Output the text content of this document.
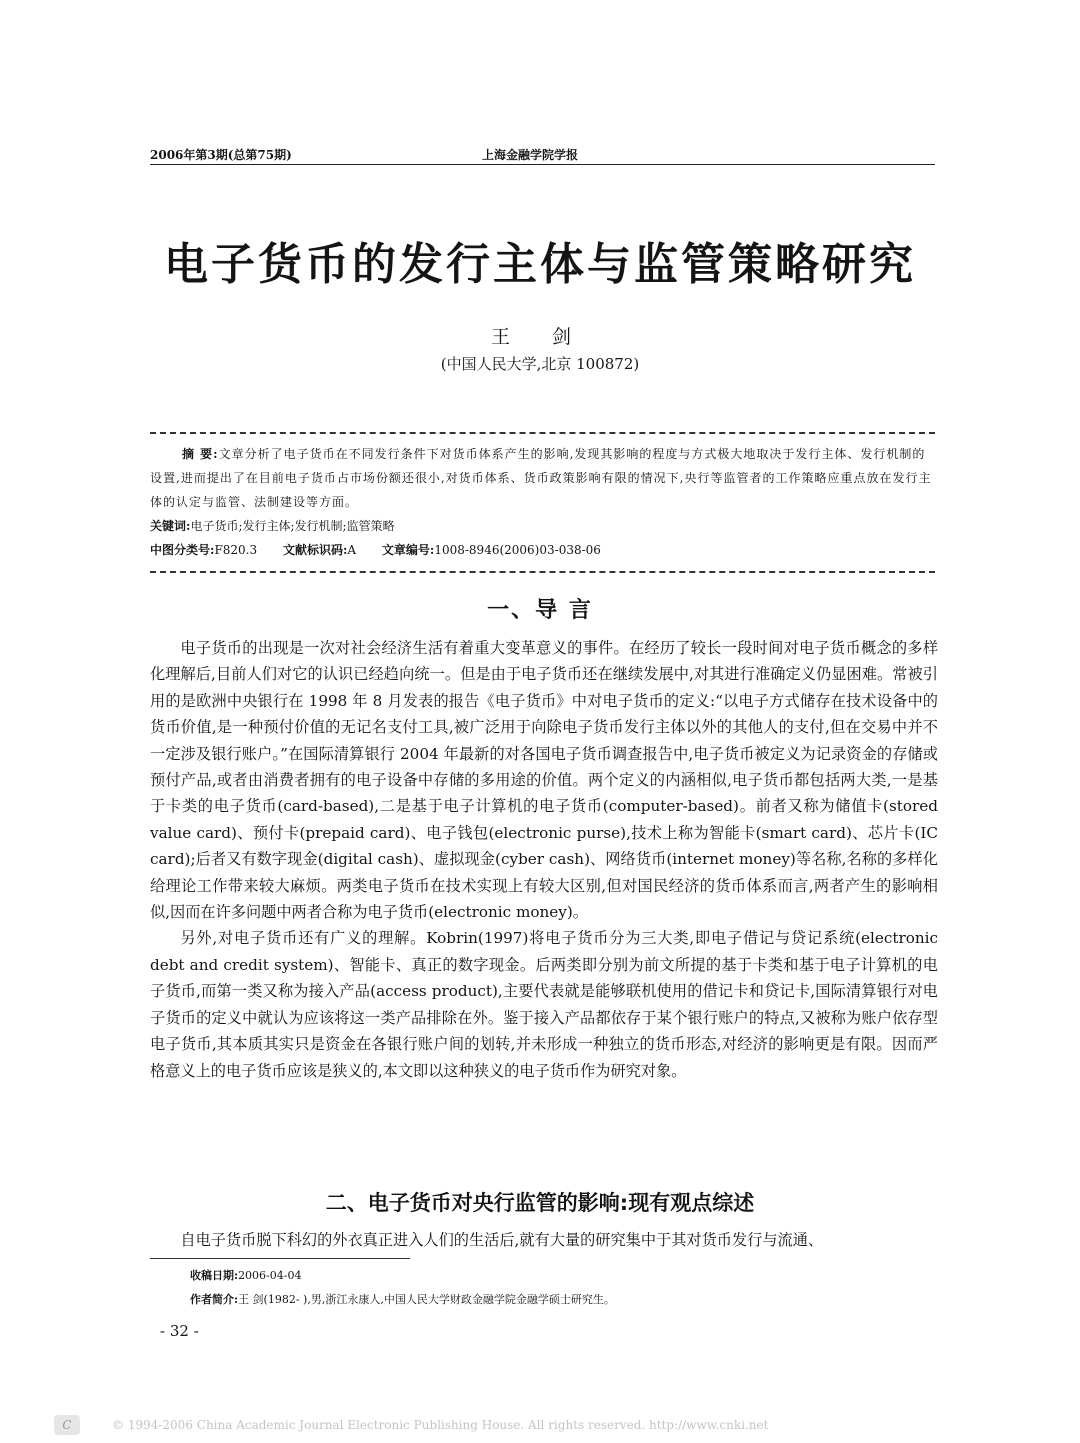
2006年第3期(总第75期)	上海金融学院学报
电子货币的发行主体与监管策略研究
王 剑
(中国人民大学,北京 100872)

摘 要:文章分析了电子货币在不同发行条件下对货币体系产生的影响,发现其影响的程度与方式极大地取决于发行主体、发行机制的设置,进而提出了在目前电子货币占市场份额还很小,对货币体系、货币政策影响有限的情况下,央行等监管者的工作策略应重点放在发行主体的认定与监管、法制建设等方面。

关键词:电子货币;发行主体;发行机制;监管策略

中图分类号:F820.3 文献标识码:A 文章编号:1008-8946(2006)03-038-06

一、导 言

电子货币的出现是一次对社会经济生活有着重大变革意义的事件。在经历了较长一段时间对电子货币概念的多样化理解后,目前人们对它的认识已经趋向统一。但是由于电子货币还在继续发展中,对其进行准确定义仍显困难。常被引用的是欧洲中央银行在 1998 年 8 月发表的报告《电子货币》中对电子货币的定义:“以电子方式储存在技术设备中的货币价值,是一种预付价值的无记名支付工具,被广泛用于向除电子货币发行主体以外的其他人的支付,但在交易中并不一定涉及银行账户。”在国际清算银行 2004 年最新的对各国电子货币调查报告中,电子货币被定义为记录资金的存储或预付产品,或者由消费者拥有的电子设备中存储的多用途的价值。两个定义的内涵相似,电子货币都包括两大类,一是基于卡类的电子货币(card-based),二是基于电子计算机的电子货币(computer-based)。前者又称为储值卡(stored value card)、预付卡(prepaid card)、电子钱包(electronic purse),技术上称为智能卡(smart card)、芯片卡(IC card);后者又有数字现金(digital cash)、虚拟现金(cyber cash)、网络货币(internet money)等名称,名称的多样化给理论工作带来较大麻烦。两类电子货币在技术实现上有较大区别,但对国民经济的货币体系而言,两者产生的影响相似,因而在许多问题中两者合称为电子货币(electronic money)。

另外,对电子货币还有广义的理解。Kobrin(1997)将电子货币分为三大类,即电子借记与贷记系统(electronic debt and credit system)、智能卡、真正的数字现金。后两类即分别为前文所提的基于卡类和基于电子计算机的电子货币,而第一类又称为接入产品(access product),主要代表就是能够联机使用的借记卡和贷记卡,国际清算银行对电子货币的定义中就认为应该将这一类产品排除在外。鉴于接入产品都依存于某个银行账户的特点,又被称为账户依存型电子货币,其本质其实只是资金在各银行账户间的划转,并未形成一种独立的货币形态,对经济的影响更是有限。因而严格意义上的电子货币应该是狭义的,本文即以这种狭义的电子货币作为研究对象。

二、电子货币对央行监管的影响:现有观点综述

自电子货币脱下科幻的外衣真正进入人们的生活后,就有大量的研究集中于其对货币发行与流通、

收稿日期:2006-04-04

作者简介:王 剑(1982- ),男,浙江永康人,中国人民大学财政金融学院金融学硕士研究生。

- 32 -
C	© 1994-2006 China Academic Journal Electronic Publishing House. All rights reserved. http://www.cnki.net
